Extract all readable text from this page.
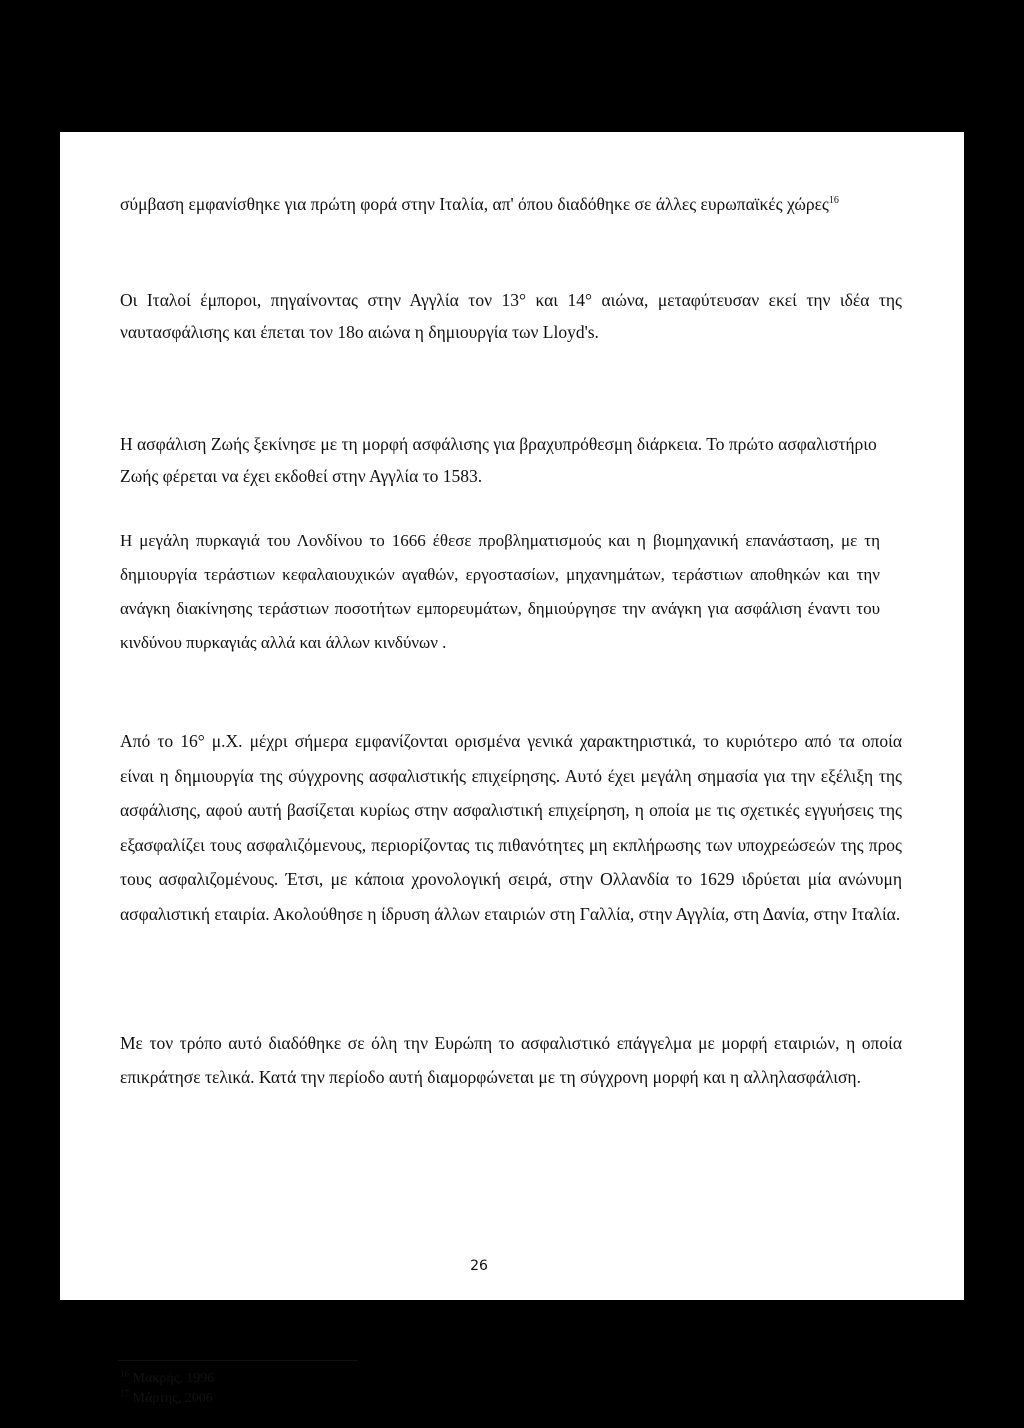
σύμβαση εμφανίσθηκε για πρώτη φορά στην Ιταλία, απ' όπου διαδόθηκε σε άλλες ευρωπαϊκές χώρες$^{16}$

Οι Ιταλοί έμποροι, πηγαίνοντας στην Αγγλία τον 13° και 14° αιώνα, μεταφύτευσαν εκεί την ιδέα της ναυτασφάλισης και έπεται τον 18ο αιώνα η δημιουργία των Lloyd's.

Η ασφάλιση Ζωής ξεκίνησε με τη μορφή ασφάλισης για βραχυπρόθεσμη διάρκεια. Το πρώτο ασφαλιστήριο Ζωής φέρεται να έχει εκδοθεί στην Αγγλία το 1583.

Η μεγάλη πυρκαγιά του Λονδίνου το 1666 έθεσε προβληματισμούς και η βιομηχανική επανάσταση, με τη δημιουργία τεράστιων κεφαλαιουχικών αγαθών, εργοστασίων, μηχανημάτων, τεράστιων αποθηκών και την ανάγκη διακίνησης τεράστιων ποσοτήτων εμπορευμάτων, δημιούργησε την ανάγκη για ασφάλιση έναντι του κινδύνου πυρκαγιάς αλλά και άλλων κινδύνων .

Από το 16° μ.Χ. μέχρι σήμερα εμφανίζονται ορισμένα γενικά χαρακτηριστικά, το κυριότερο από τα οποία είναι η δημιουργία της σύγχρονης ασφαλιστικής επιχείρησης. Αυτό έχει μεγάλη σημασία για την εξέλιξη της ασφάλισης, αφού αυτή βασίζεται κυρίως στην ασφαλιστική επιχείρηση, η οποία με τις σχετικές εγγυήσεις της εξασφαλίζει τους ασφαλιζόμενους, περιορίζοντας τις πιθανότητες μη εκπλήρωσης των υποχρεώσεών της προς τους ασφαλιζομένους. Έτσι, με κάποια χρονολογική σειρά, στην Ολλανδία το 1629 ιδρύεται μία ανώνυμη ασφαλιστική εταιρία. Ακολούθησε η ίδρυση άλλων εταιριών στη Γαλλία, στην Αγγλία, στη Δανία, στην Ιταλία.

Με τον τρόπο αυτό διαδόθηκε σε όλη την Ευρώπη το ασφαλιστικό επάγγελμα με μορφή εταιριών, η οποία επικράτησε τελικά. Κατά την περίοδο αυτή διαμορφώνεται με τη σύγχρονη μορφή και η αλληλασφάλιση.

$^{16}$ Μακρής, 1996

$^{17}$ Μάρτης, 2006

26
